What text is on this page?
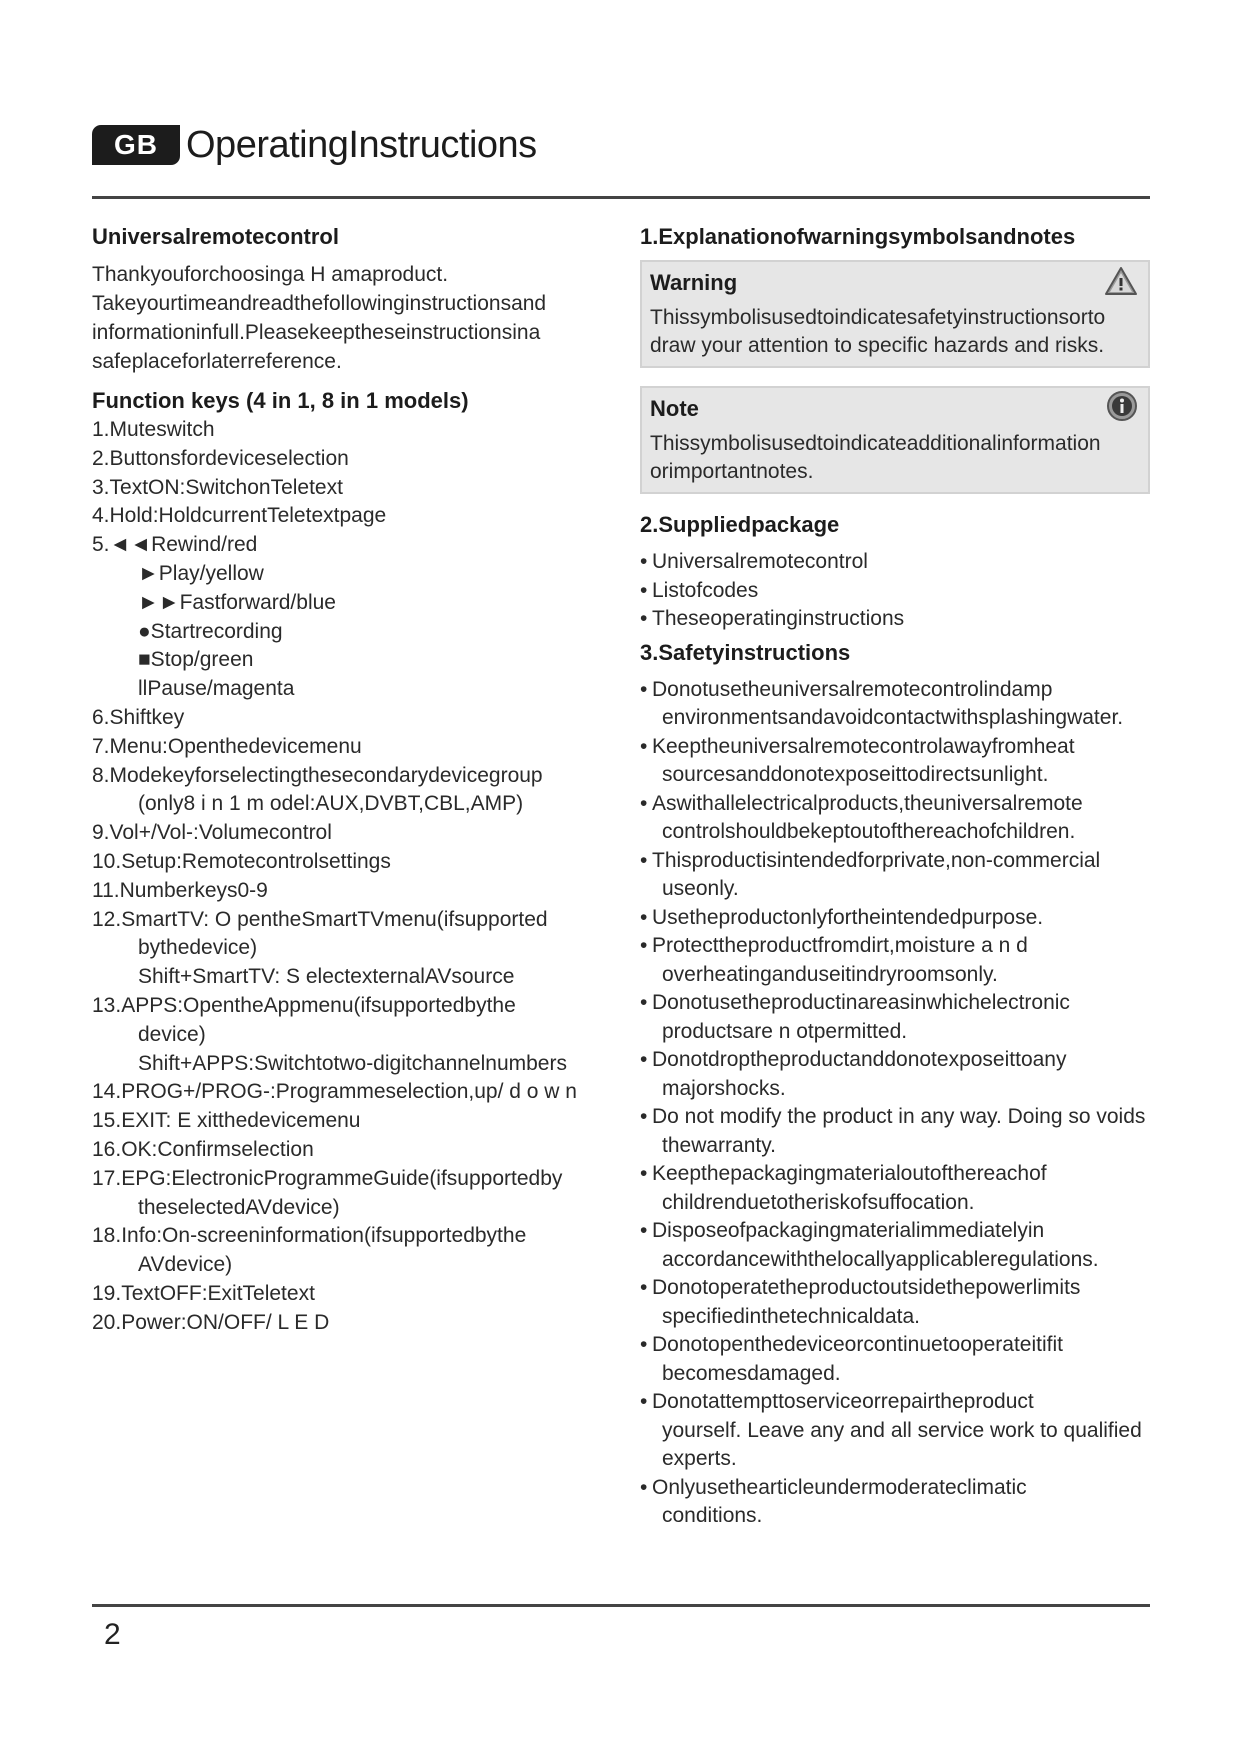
GB OperatingInstructions
Universalremotecontrol

Thankyouforchoosinga H amaproduct.

Takeyourtimeandreadthefollowinginstructionsand

informationinfull.Pleasekeeptheseinstructionsina

safeplaceforlaterreference.

Function keys (4 in 1, 8 in 1 models)
1.Muteswitch
2.Buttonsfordeviceselection
3.TextON:SwitchonTeletext
4.Hold:HoldcurrentTeletextpage
5.◄◄Rewind/red
►Play/yellow
►►Fastforward/blue
●Startrecording
■Stop/green
llPause/magenta
6.Shiftkey
7.Menu:Openthedevicemenu
8.Modekeyforselectingthesecondarydevicegroup
(only8 i n 1 m odel:AUX,DVBT,CBL,AMP)
9.Vol+/Vol-:Volumecontrol
10.Setup:Remotecontrolsettings
11.Numberkeys0-9
12.SmartTV: O pentheSmartTVmenu(ifsupported
bythedevice)
Shift+SmartTV: S electexternalAVsource
13.APPS:OpentheAppmenu(ifsupportedbythe
device)
Shift+APPS:Switchtotwo-digitchannelnumbers
14.PROG+/PROG-:Programmeselection,up/ d o w n
15.EXIT: E xitthedevicemenu
16.OK:Confirmselection
17.EPG:ElectronicProgrammeGuide(ifsupportedby
theselectedAVdevice)
18.Info:On-screeninformation(ifsupportedbythe
AVdevice)
19.TextOFF:ExitTeletext
20.Power:ON/OFF/ L E D
1.Explanationofwarningsymbolsandnotes
Warning

Thissymbolisusedtoindicatesafetyinstructionsorto

draw your attention to specific hazards and risks.

Note

Thissymbolisusedtoindicateadditionalinformation

orimportantnotes.

2.Suppliedpackage
• Universalremotecontrol
• Listofcodes
• Theseoperatinginstructions
3.Safetyinstructions
• Donotusetheuniversalremotecontrolindamp
environmentsandavoidcontactwithsplashingwater.
• Keeptheuniversalremotecontrolawayfromheat
sourcesanddonotexposeittodirectsunlight.
• Aswithallelectricalproducts,theuniversalremote
controlshouldbekeptoutofthereachofchildren.
• Thisproductisintendedforprivate,non-commercial
useonly.
• Usetheproductonlyfortheintendedpurpose.
• Protecttheproductfromdirt,moisture a n d
overheatinganduseitindryroomsonly.
• Donotusetheproductinareasinwhichelectronic
productsare n otpermitted.
• Donotdroptheproductanddonotexposeittoany
majorshocks.
• Do not modify the product in any way. Doing so voids
thewarranty.
• Keepthepackagingmaterialoutofthereachof
childrenduetotheriskofsuffocation.
• Disposeofpackagingmaterialimmediatelyin
accordancewiththelocallyapplicableregulations.
• Donotoperatetheproductoutsidethepowerlimits
specifiedinthetechnicaldata.
• Donotopenthedeviceorcontinuetooperateitifit
becomesdamaged.
• Donotattempttoserviceorrepairtheproduct
yourself. Leave any and all service work to qualified experts.
• Onlyusethearticleundermoderateclimatic
conditions.
2
